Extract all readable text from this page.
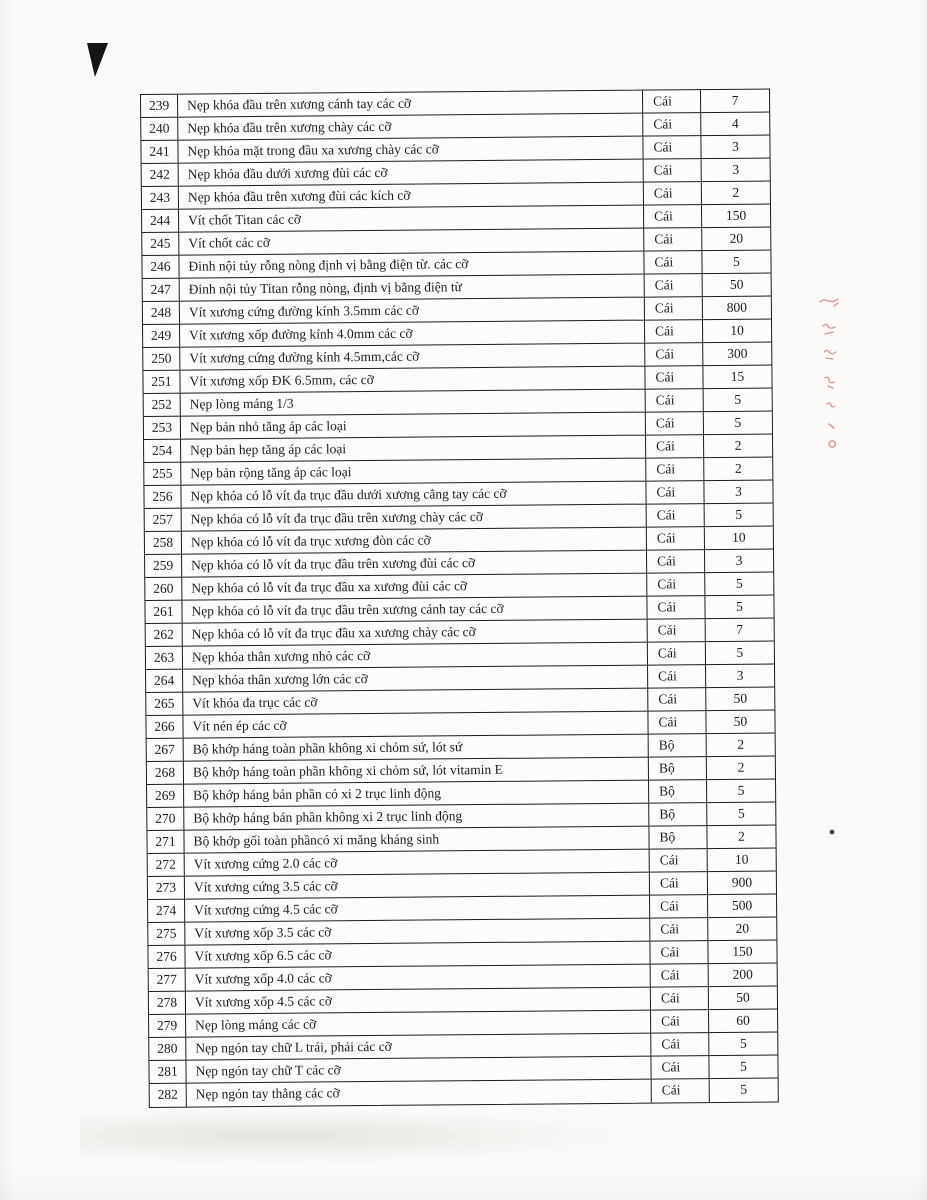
239	Nẹp khóa đầu trên xương cánh tay các cỡ	Cái	7
240	Nẹp khóa đầu trên xương chày các cỡ	Cái	4
241	Nẹp khóa mặt trong đầu xa xương chày các cỡ	Cái	3
242	Nẹp khóa đầu dưới xương đùi các cỡ	Cái	3
243	Nẹp khóa đầu trên xương đùi các kích cỡ	Cái	2
244	Vít chốt Titan các cỡ	Cái	150
245	Vít chốt các cỡ	Cái	20
246	Đinh nội tủy rỗng nòng định vị bằng điện từ. các cỡ	Cái	5
247	Đinh nội tủy Titan rỗng nòng, định vị bằng điện từ	Cái	50
248	Vít xương cứng đường kính 3.5mm các cỡ	Cái	800
249	Vít xương xốp đường kính 4.0mm các cỡ	Cái	10
250	Vít xương cứng đường kính 4.5mm,các cỡ	Cái	300
251	Vít xương xốp ĐK 6.5mm, các cỡ	Cái	15
252	Nẹp lòng máng 1/3	Cái	5
253	Nẹp bản nhỏ tăng áp các loại	Cái	5
254	Nẹp bản hẹp tăng áp các loại	Cái	2
255	Nẹp bản rộng tăng áp các loại	Cái	2
256	Nẹp khóa có lỗ vít đa trục đầu dưới xương cẳng tay các cỡ	Cái	3
257	Nẹp khóa có lỗ vít đa trục đầu trên xương chày các cỡ	Cái	5
258	Nẹp khóa có lỗ vít đa trục xương đòn các cỡ	Cái	10
259	Nẹp khóa có lỗ vít đa trục đầu trên xương đùi các cỡ	Cái	3
260	Nẹp khóa có lỗ vít đa trục đầu xa xương đùi các cỡ	Cái	5
261	Nẹp khóa có lỗ vít đa trục đầu trên xương cánh tay các cỡ	Cái	5
262	Nẹp khóa có lỗ vít đa trục đầu xa xương chày các cỡ	Cái	7
263	Nẹp khóa thân xương nhỏ các cỡ	Cái	5
264	Nẹp khóa thân xương lớn các cỡ	Cái	3
265	Vít khóa đa trục các cỡ	Cái	50
266	Vít nén ép các cỡ	Cái	50
267	Bộ khớp háng toàn phần không xi chỏm sứ, lót sứ	Bộ	2
268	Bộ khớp háng toàn phần không xi chỏm sứ, lót vitamin E	Bộ	2
269	Bộ khớp háng bán phần có xi 2 trục linh động	Bộ	5
270	Bộ khớp háng bán phần không xi 2 trục linh động	Bộ	5
271	Bộ khớp gối toàn phầncó xi măng kháng sinh	Bộ	2
272	Vít xương cứng 2.0 các cỡ	Cái	10
273	Vít xương cứng 3.5 các cỡ	Cái	900
274	Vít xương cứng 4.5 các cỡ	Cái	500
275	Vít xương xốp 3.5 các cỡ	Cái	20
276	Vít xương xốp 6.5 các cỡ	Cái	150
277	Vít xương xốp 4.0 các cỡ	Cái	200
278	Vít xương xốp 4.5 các cỡ	Cái	50
279	Nẹp lòng máng các cỡ	Cái	60
280	Nẹp ngón tay chữ L trái, phải các cỡ	Cái	5
281	Nẹp ngón tay chữ T các cỡ	Cái	5
282	Nẹp ngón tay thẳng các cỡ	Cái	5
